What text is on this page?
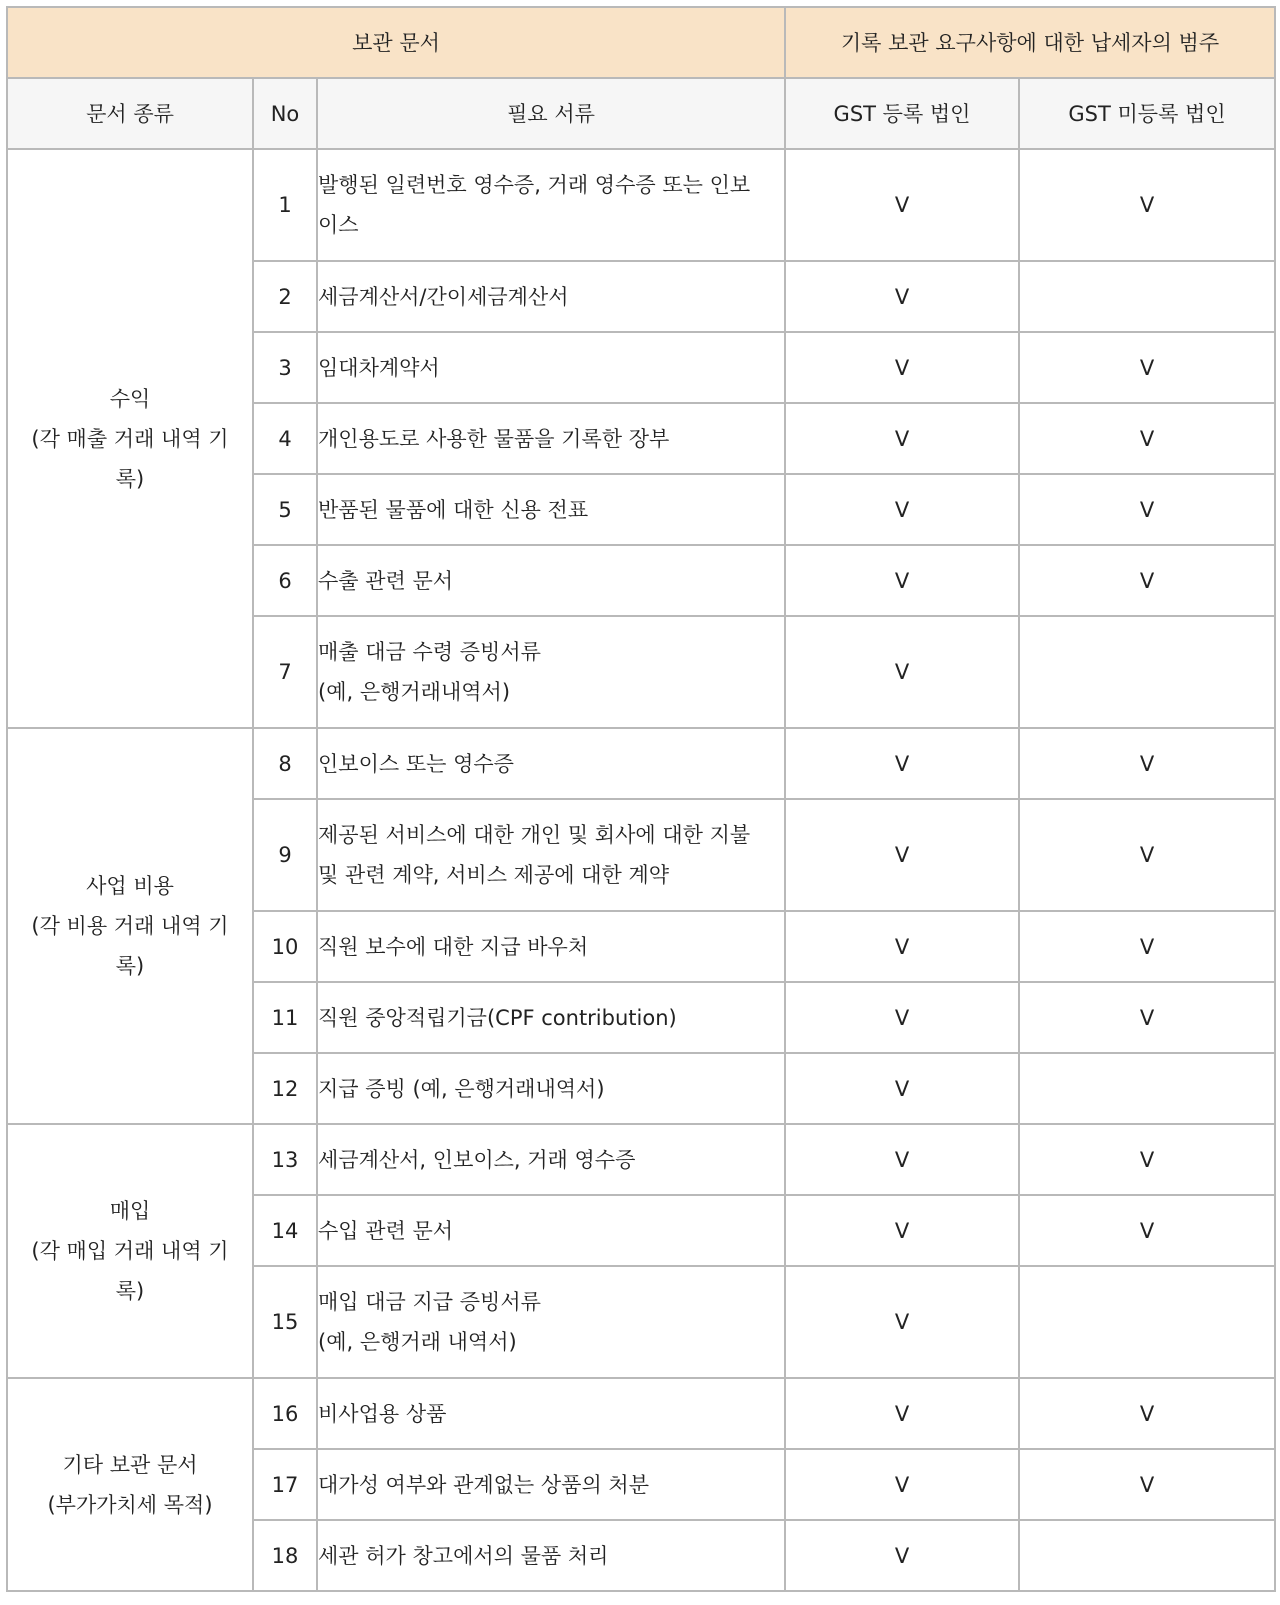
보관 문서			기록 보관 요구사항에 대한 납세자의 범주	
문서 종류	No	필요 서류	GST 등록 법인	GST 미등록 법인

수익
(각 매출 거래 내역 기
록)	1	발행된 일련번호 영수증, 거래 영수증 또는 인보
이스	V	V
	2	세금계산서/간이세금계산서	V	
	3	임대차계약서	V	V
	4	개인용도로 사용한 물품을 기록한 장부	V	V
	5	반품된 물품에 대한 신용 전표	V	V
	6	수출 관련 문서	V	V
	7	매출 대금 수령 증빙서류
(예, 은행거래내역서)	V	

사업 비용
(각 비용 거래 내역 기
록)	8	인보이스 또는 영수증	V	V
	9	제공된 서비스에 대한 개인 및 회사에 대한 지불
및 관련 계약, 서비스 제공에 대한 계약	V	V
	10	직원 보수에 대한 지급 바우처	V	V
	11	직원 중앙적립기금(CPF contribution)	V	V
	12	지급 증빙 (예, 은행거래내역서)	V	

매입
(각 매입 거래 내역 기
록)	13	세금계산서, 인보이스, 거래 영수증	V	V
	14	수입 관련 문서	V	V
	15	매입 대금 지급 증빙서류
(예, 은행거래 내역서)	V	

기타 보관 문서
(부가가치세 목적)	16	비사업용 상품	V	V
	17	대가성 여부와 관계없는 상품의 처분	V	V
	18	세관 허가 창고에서의 물품 처리	V	
